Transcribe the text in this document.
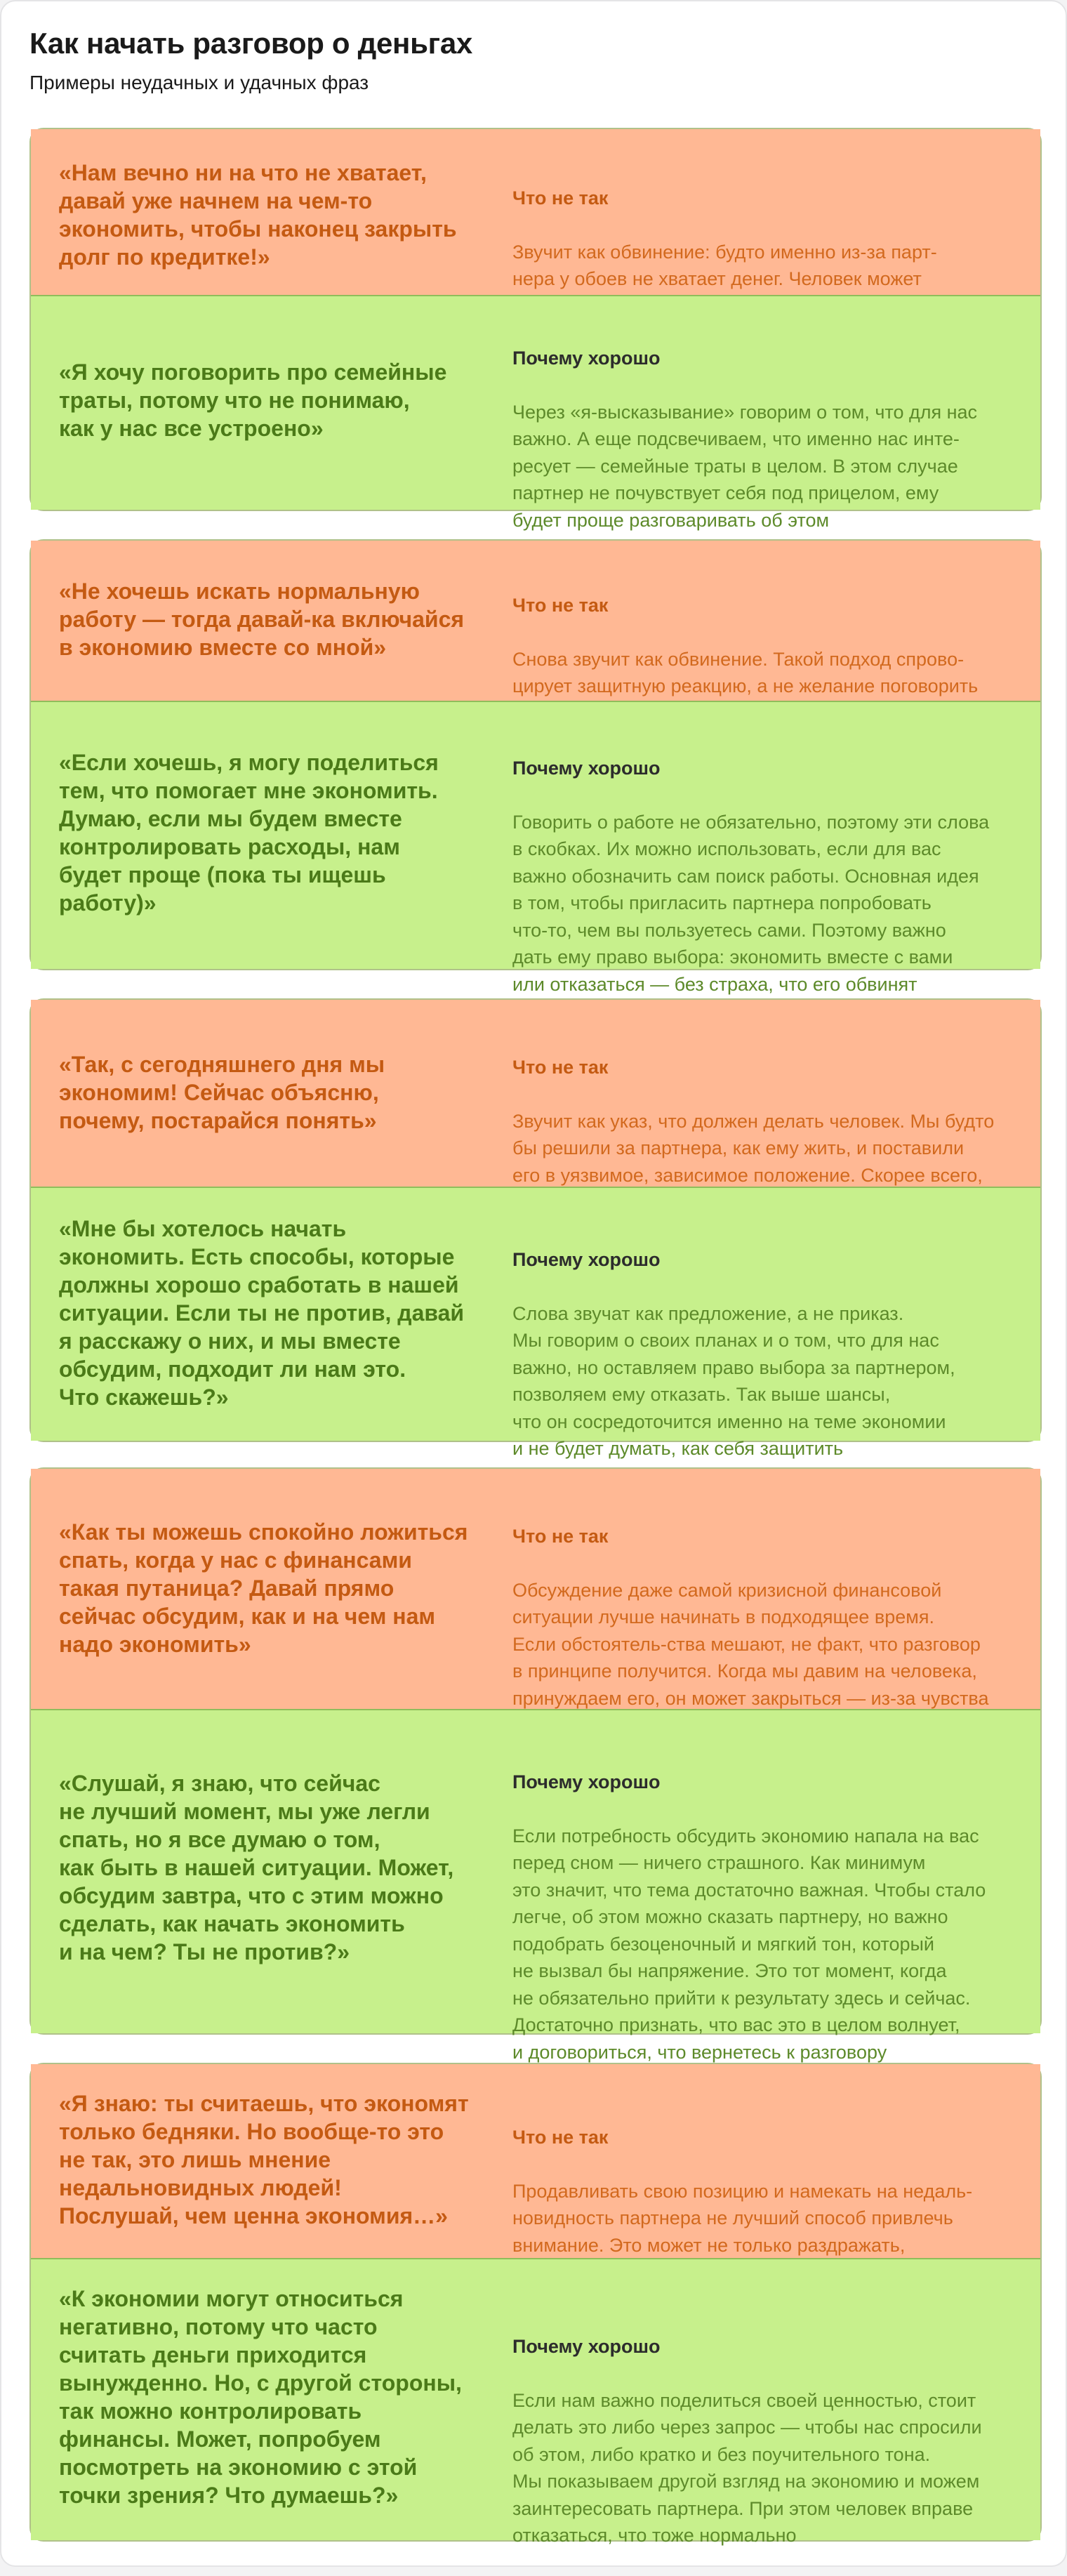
Как начать разговор о деньгах
Примеры неудачных и удачных фраз
«Нам вечно ни на что не хватает,
давай уже начнем на чем-то
экономить, чтобы наконец закрыть
долг по кредитке!»

Что не так

Звучит как обвинение: будто именно из-за парт-
нера у обоев не хватает денег. Человек может

«Я хочу поговорить про семейные
траты, потому что не понимаю,
как у нас все устроено»

Почему хорошо

Через «я-высказывание» говорим о том, что для нас
важно. А еще подсвечиваем, что именно нас инте-
ресует — семейные траты в целом. В этом случае
партнер не почувствует себя под прицелом, ему
будет проще разговаривать об этом

«Не хочешь искать нормальную
работу — тогда давай-ка включайся
в экономию вместе со мной»

Что не так

Снова звучит как обвинение. Такой подход спрово-
цирует защитную реакцию, а не желание поговорить

«Если хочешь, я могу поделиться
тем, что помогает мне экономить.
Думаю, если мы будем вместе
контролировать расходы, нам
будет проще (пока ты ищешь
работу)»

Почему хорошо

Говорить о работе не обязательно, поэтому эти слова
в скобках. Их можно использовать, если для вас
важно обозначить сам поиск работы. Основная идея
в том, чтобы пригласить партнера попробовать
что-то, чем вы пользуетесь сами. Поэтому важно
дать ему право выбора: экономить вместе с вами
или отказаться — без страха, что его обвинят

«Так, с сегодняшнего дня мы
экономим! Сейчас объясню,
почему, постарайся понять»

Что не так

Звучит как указ, что должен делать человек. Мы будто
бы решили за партнера, как ему жить, и поставили
его в уязвимое, зависимое положение. Скорее всего,

«Мне бы хотелось начать
экономить. Есть способы, которые
должны хорошо сработать в нашей
ситуации. Если ты не против, давай
я расскажу о них, и мы вместе
обсудим, подходит ли нам это.
Что скажешь?»

Почему хорошо

Слова звучат как предложение, а не приказ.
Мы говорим о своих планах и о том, что для нас
важно, но оставляем право выбора за партнером,
позволяем ему отказать. Так выше шансы,
что он сосредоточится именно на теме экономии
и не будет думать, как себя защитить

«Как ты можешь спокойно ложиться
спать, когда у нас с финансами
такая путаница? Давай прямо
сейчас обсудим, как и на чем нам
надо экономить»

Что не так

Обсуждение даже самой кризисной финансовой
ситуации лучше начинать в подходящее время.
Если обстоятель-ства мешают, не факт, что разговор
в принципе получится. Когда мы давим на человека,
принуждаем его, он может закрыться — из-за чувства

«Слушай, я знаю, что сейчас
не лучший момент, мы уже легли
спать, но я все думаю о том,
как быть в нашей ситуации. Может,
обсудим завтра, что с этим можно
сделать, как начать экономить
и на чем? Ты не против?»

Почему хорошо

Если потребность обсудить экономию напала на вас
перед сном — ничего страшного. Как минимум
это значит, что тема достаточно важная. Чтобы стало
легче, об этом можно сказать партнеру, но важно
подобрать безоценочный и мягкий тон, который
не вызвал бы напряжение. Это тот момент, когда
не обязательно прийти к результату здесь и сейчас.
Достаточно признать, что вас это в целом волнует,
и договориться, что вернетесь к разговору

«Я знаю: ты считаешь, что экономят
только бедняки. Но вообще-то это
не так, это лишь мнение
недальновидных людей!
Послушай, чем ценна экономия…»

Что не так

Продавливать свою позицию и намекать на недаль-
новидность партнера не лучший способ привлечь
внимание. Это может не только раздражать,

«К экономии могут относиться
негативно, потому что часто
считать деньги приходится
вынужденно. Но, с другой стороны,
так можно контролировать
финансы. Может, попробуем
посмотреть на экономию с этой
точки зрения? Что думаешь?»

Почему хорошо

Если нам важно поделиться своей ценностью, стоит
делать это либо через запрос — чтобы нас спросили
об этом, либо кратко и без поучительного тона.
Мы показываем другой взгляд на экономию и можем
заинтересовать партнера. При этом человек вправе
отказаться, что тоже нормально
